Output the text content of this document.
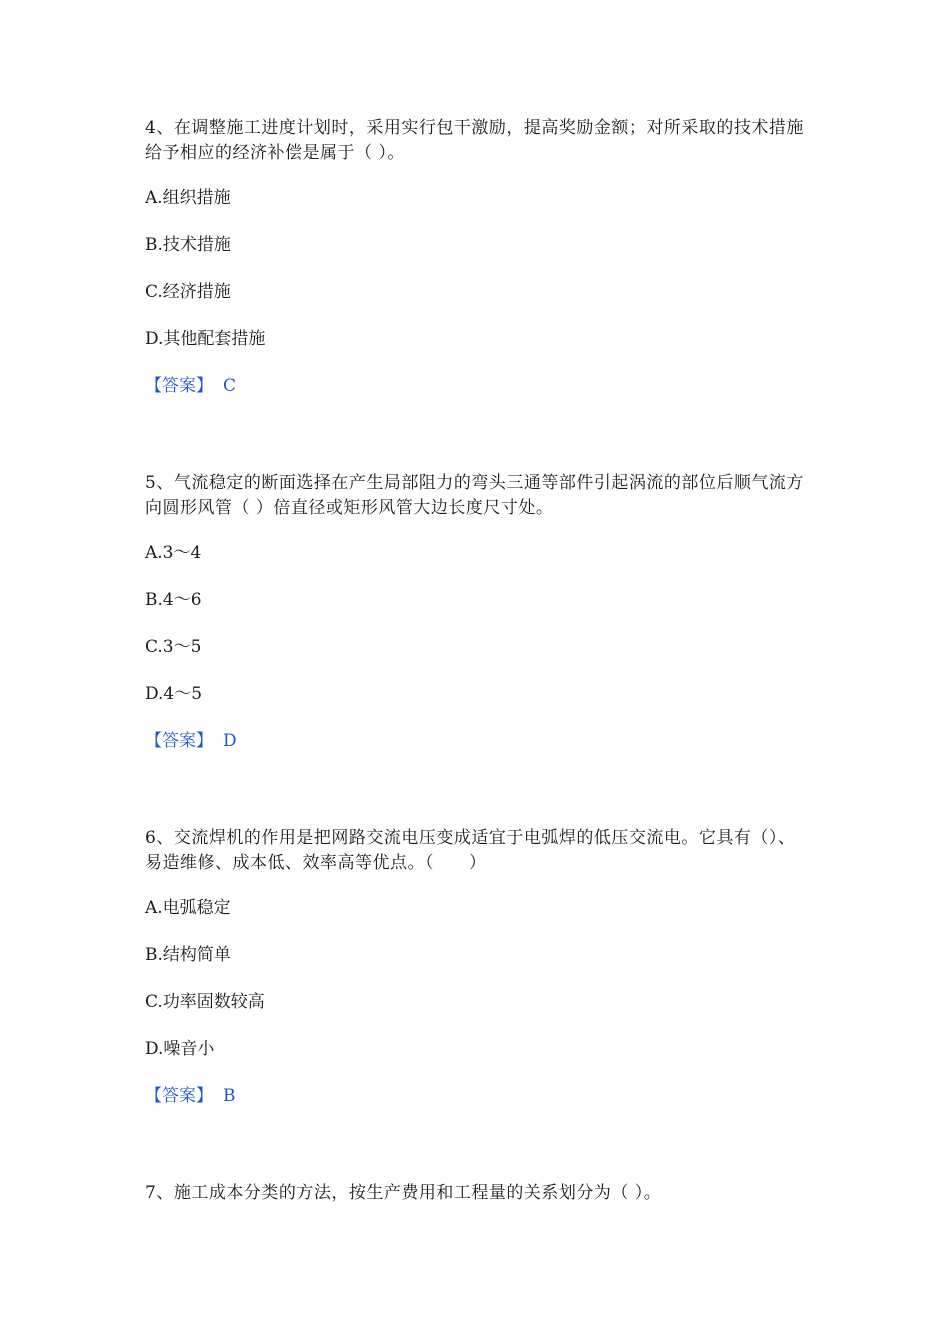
4、在调整施工进度计划时，采用实行包干激励，提高奖励金额；对所采取的技术措施给予相应的经济补偿是属于（ ）。

A.组织措施

B.技术措施

C.经济措施

D.其他配套措施

【答案】 C

5、气流稳定的断面选择在产生局部阻力的弯头三通等部件引起涡流的部位后顺气流方向圆形风管（ ）倍直径或矩形风管大边长度尺寸处。

A.3～4

B.4～6

C.3～5

D.4～5

【答案】 D

6、交流焊机的作用是把网路交流电压变成适宜于电弧焊的低压交流电。它具有（）、易造维修、成本低、效率高等优点。（　　）

A.电弧稳定

B.结构简单

C.功率固数较高

D.噪音小

【答案】 B

7、施工成本分类的方法，按生产费用和工程量的关系划分为（ ）。
